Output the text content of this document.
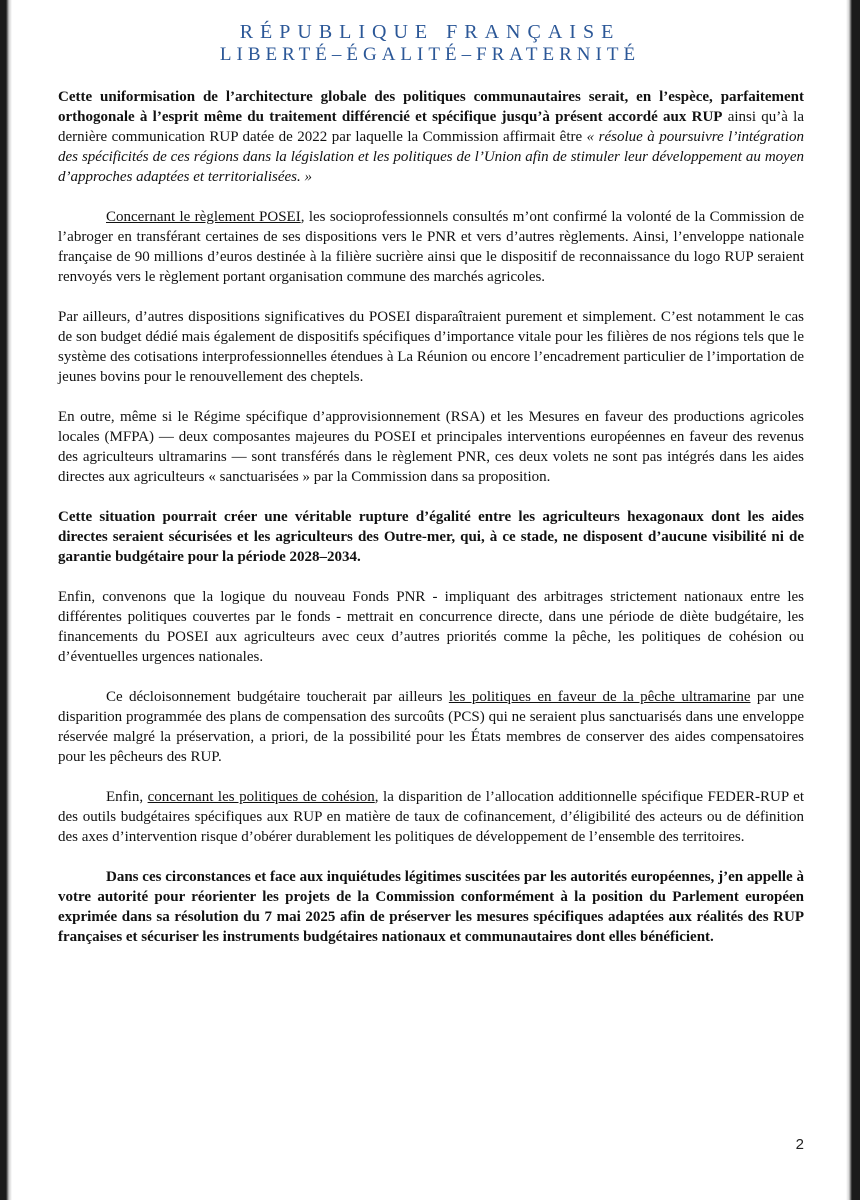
RÉPUBLIQUE FRANÇAISE
LIBERTÉ–ÉGALITÉ–FRATERNITÉ

Cette uniformisation de l’architecture globale des politiques communautaires serait, en l’espèce, parfaitement orthogonale à l’esprit même du traitement différencié et spécifique jusqu’à présent accordé aux RUP ainsi qu’à la dernière communication RUP datée de 2022 par laquelle la Commission affirmait être « résolue à poursuivre l’intégration des spécificités de ces régions dans la législation et les politiques de l’Union afin de stimuler leur développement au moyen d’approches adaptées et territorialisées. »

Concernant le règlement POSEI, les socioprofessionnels consultés m’ont confirmé la volonté de la Commission de l’abroger en transférant certaines de ses dispositions vers le PNR et vers d’autres règlements. Ainsi, l’enveloppe nationale française de 90 millions d’euros destinée à la filière sucrière ainsi que le dispositif de reconnaissance du logo RUP seraient renvoyés vers le règlement portant organisation commune des marchés agricoles.

Par ailleurs, d’autres dispositions significatives du POSEI disparaîtraient purement et simplement. C’est notamment le cas de son budget dédié mais également de dispositifs spécifiques d’importance vitale pour les filières de nos régions tels que le système des cotisations interprofessionnelles étendues à La Réunion ou encore l’encadrement particulier de l’importation de jeunes bovins pour le renouvellement des cheptels.

En outre, même si le Régime spécifique d’approvisionnement (RSA) et les Mesures en faveur des productions agricoles locales (MFPA) — deux composantes majeures du POSEI et principales interventions européennes en faveur des revenus des agriculteurs ultramarins — sont transférés dans le règlement PNR, ces deux volets ne sont pas intégrés dans les aides directes aux agriculteurs « sanctuarisées » par la Commission dans sa proposition.

Cette situation pourrait créer une véritable rupture d’égalité entre les agriculteurs hexagonaux dont les aides directes seraient sécurisées et les agriculteurs des Outre-mer, qui, à ce stade, ne disposent d’aucune visibilité ni de garantie budgétaire pour la période 2028–2034.

Enfin, convenons que la logique du nouveau Fonds PNR - impliquant des arbitrages strictement nationaux entre les différentes politiques couvertes par le fonds - mettrait en concurrence directe, dans une période de diète budgétaire, les financements du POSEI aux agriculteurs avec ceux d’autres priorités comme la pêche, les politiques de cohésion ou d’éventuelles urgences nationales.

Ce décloisonnement budgétaire toucherait par ailleurs les politiques en faveur de la pêche ultramarine par une disparition programmée des plans de compensation des surcoûts (PCS) qui ne seraient plus sanctuarisés dans une enveloppe réservée malgré la préservation, a priori, de la possibilité pour les États membres de conserver des aides compensatoires pour les pêcheurs des RUP.

Enfin, concernant les politiques de cohésion, la disparition de l’allocation additionnelle spécifique FEDER-RUP et des outils budgétaires spécifiques aux RUP en matière de taux de cofinancement, d’éligibilité des acteurs ou de définition des axes d’intervention risque d’obérer durablement les politiques de développement de l’ensemble des territoires.

Dans ces circonstances et face aux inquiétudes légitimes suscitées par les autorités européennes, j’en appelle à votre autorité pour réorienter les projets de la Commission conformément à la position du Parlement européen exprimée dans sa résolution du 7 mai 2025 afin de préserver les mesures spécifiques adaptées aux réalités des RUP françaises et sécuriser les instruments budgétaires nationaux et communautaires dont elles bénéficient.

2
